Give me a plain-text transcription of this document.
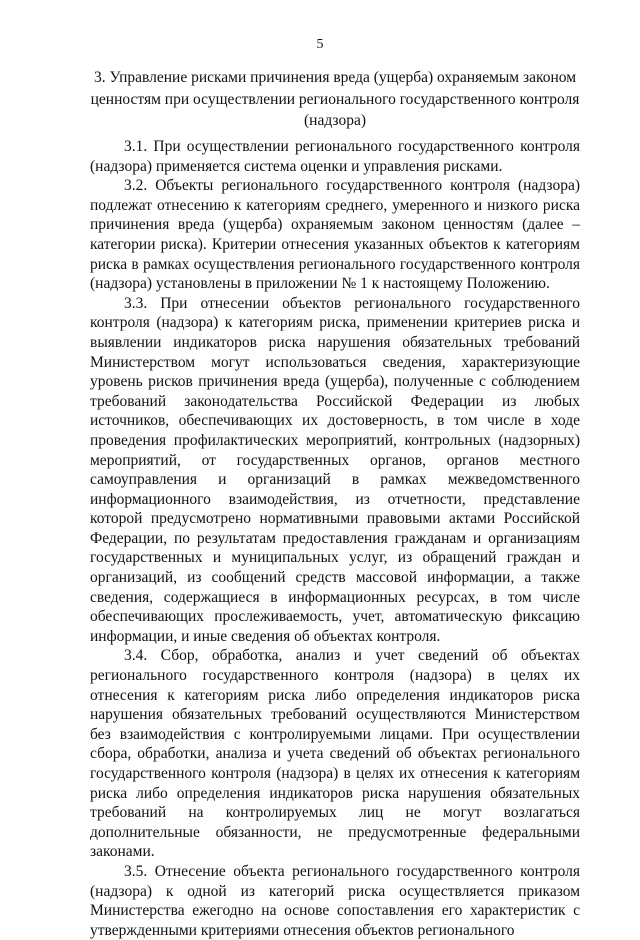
5
3. Управление рисками причинения вреда (ущерба) охраняемым законом ценностям при осуществлении регионального государственного контроля (надзора)

3.1. При осуществлении регионального государственного контроля (надзора) применяется система оценки и управления рисками.

3.2. Объекты регионального государственного контроля (надзора) подлежат отнесению к категориям среднего, умеренного и низкого риска причинения вреда (ущерба) охраняемым законом ценностям (далее – категории риска). Критерии отнесения указанных объектов к категориям риска в рамках осуществления регионального государственного контроля (надзора) установлены в приложении № 1 к настоящему Положению.

3.3. При отнесении объектов регионального государственного контроля (надзора) к категориям риска, применении критериев риска и выявлении индикаторов риска нарушения обязательных требований Министерством могут использоваться сведения, характеризующие уровень рисков причинения вреда (ущерба), полученные с соблюдением требований законодательства Российской Федерации из любых источников, обеспечивающих их достоверность, в том числе в ходе проведения профилактических мероприятий, контрольных (надзорных) мероприятий, от государственных органов, органов местного самоуправления и организаций в рамках межведомственного информационного взаимодействия, из отчетности, представление которой предусмотрено нормативными правовыми актами Российской Федерации, по результатам предоставления гражданам и организациям государственных и муниципальных услуг, из обращений граждан и организаций, из сообщений средств массовой информации, а также сведения, содержащиеся в информационных ресурсах, в том числе обеспечивающих прослеживаемость, учет, автоматическую фиксацию информации, и иные сведения об объектах контроля.

3.4. Сбор, обработка, анализ и учет сведений об объектах регионального государственного контроля (надзора) в целях их отнесения к категориям риска либо определения индикаторов риска нарушения обязательных требований осуществляются Министерством без взаимодействия с контролируемыми лицами. При осуществлении сбора, обработки, анализа и учета сведений об объектах регионального государственного контроля (надзора) в целях их отнесения к категориям риска либо определения индикаторов риска нарушения обязательных требований на контролируемых лиц не могут возлагаться дополнительные обязанности, не предусмотренные федеральными законами.

3.5. Отнесение объекта регионального государственного контроля (надзора) к одной из категорий риска осуществляется приказом Министерства ежегодно на основе сопоставления его характеристик с утвержденными критериями отнесения объектов регионального
